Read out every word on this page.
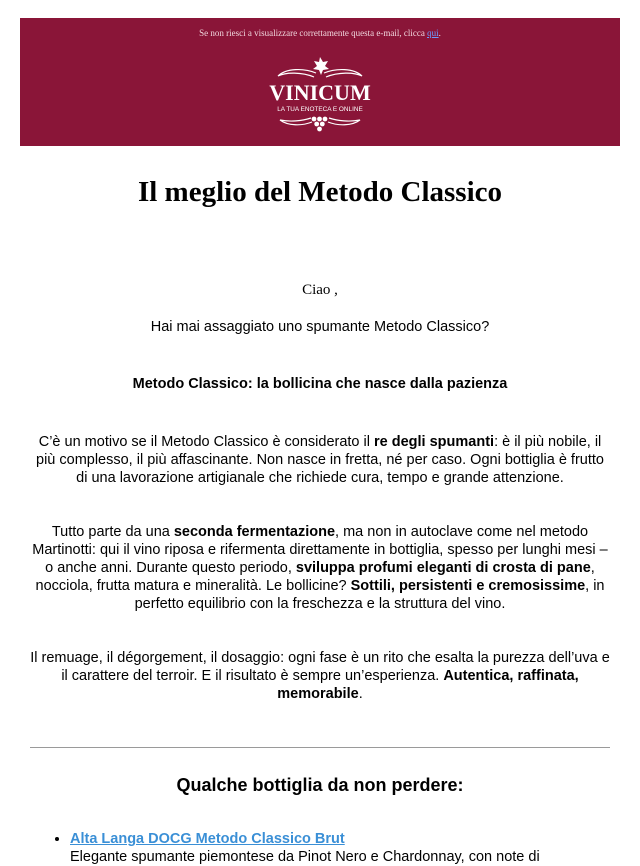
Se non riesci a visualizzare correttamente questa e-mail, clicca qui.
VINICUM
LA TUA ENOTECA E ONLINE
Il meglio del Metodo Classico
Ciao ,
Hai mai assaggiato uno spumante Metodo Classico?
Metodo Classico: la bollicina che nasce dalla pazienza

C’è un motivo se il Metodo Classico è considerato il re degli spumanti: è il più nobile, il più complesso, il più affascinante. Non nasce in fretta, né per caso. Ogni bottiglia è frutto di una lavorazione artigianale che richiede cura, tempo e grande attenzione.

Tutto parte da una seconda fermentazione, ma non in autoclave come nel metodo Martinotti: qui il vino riposa e rifermenta direttamente in bottiglia, spesso per lunghi mesi – o anche anni. Durante questo periodo, sviluppa profumi eleganti di crosta di pane, nocciola, frutta matura e mineralità. Le bollicine? Sottili, persistenti e cremosissime, in perfetto equilibrio con la freschezza e la struttura del vino.

Il remuage, il dégorgement, il dosaggio: ogni fase è un rito che esalta la purezza dell’uva e il carattere del terroir. E il risultato è sempre un’esperienza. Autentica, raffinata, memorabile.

Qualche bottiglia da non perdere:
• Alta Langa DOCG Metodo Classico Brut
Elegante spumante piemontese da Pinot Nero e Chardonnay, con note di
